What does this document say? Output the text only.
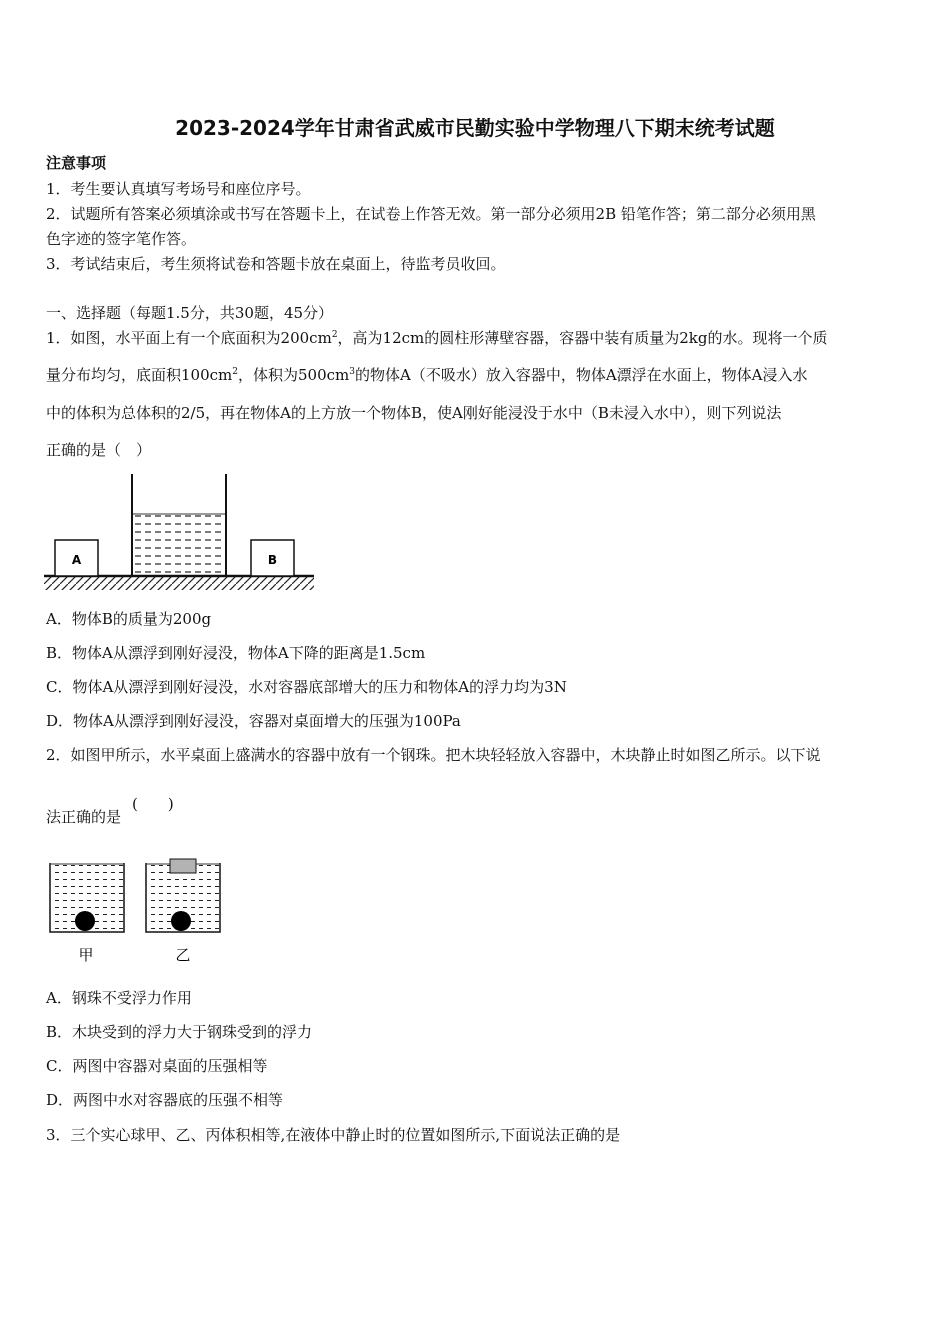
2023-2024学年甘肃省武威市民勤实验中学物理八下期末统考试题
注意事项
1．考生要认真填写考场号和座位序号。
2．试题所有答案必须填涂或书写在答题卡上，在试卷上作答无效。第一部分必须用2B 铅笔作答；第二部分必须用黑
色字迹的签字笔作答。
3．考试结束后，考生须将试卷和答题卡放在桌面上，待监考员收回。
一、选择题（每题1.5分，共30题，45分）
1．如图，水平面上有一个底面积为$200cm^2$，高为12cm的圆柱形薄壁容器，容器中装有质量为2kg的水。现将一个质
量分布均匀，底面积$100cm^2$，体积为$500cm^3$的物体A（不吸水）放入容器中，物体A漂浮在水面上，物体A浸入水
中的体积为总体积的2/5，再在物体A的上方放一个物体B，使A刚好能浸没于水中（B未浸入水中），则下列说法
正确的是（　）
A	B
A．物体B的质量为200g
B．物体A从漂浮到刚好浸没，物体A下降的距离是1.5cm
C．物体A从漂浮到刚好浸没，水对容器底部增大的压力和物体A的浮力均为3N
D．物体A从漂浮到刚好浸没，容器对桌面增大的压强为100Pa
2．如图甲所示，水平桌面上盛满水的容器中放有一个钢珠。把木块轻轻放入容器中，木块静止时如图乙所示。以下说
法正确的是
(　　)
甲	乙
A．钢珠不受浮力作用
B．木块受到的浮力大于钢珠受到的浮力
C．两图中容器对桌面的压强相等
D．两图中水对容器底的压强不相等
3．三个实心球甲、乙、丙体积相等,在液体中静止时的位置如图所示,下面说法正确的是
